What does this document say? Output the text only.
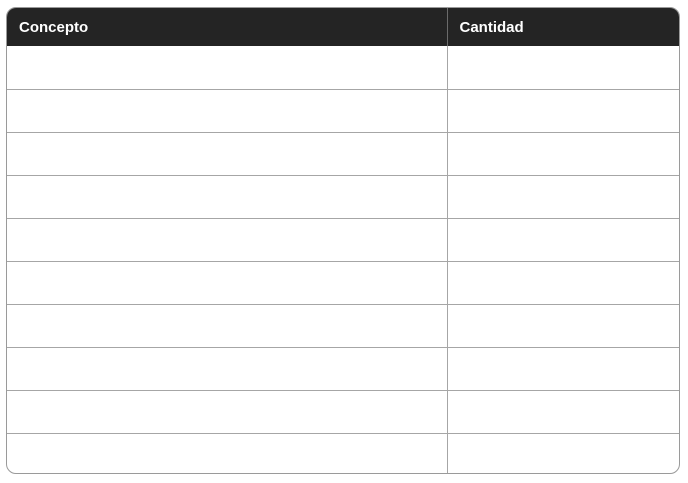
Concepto	Cantidad
